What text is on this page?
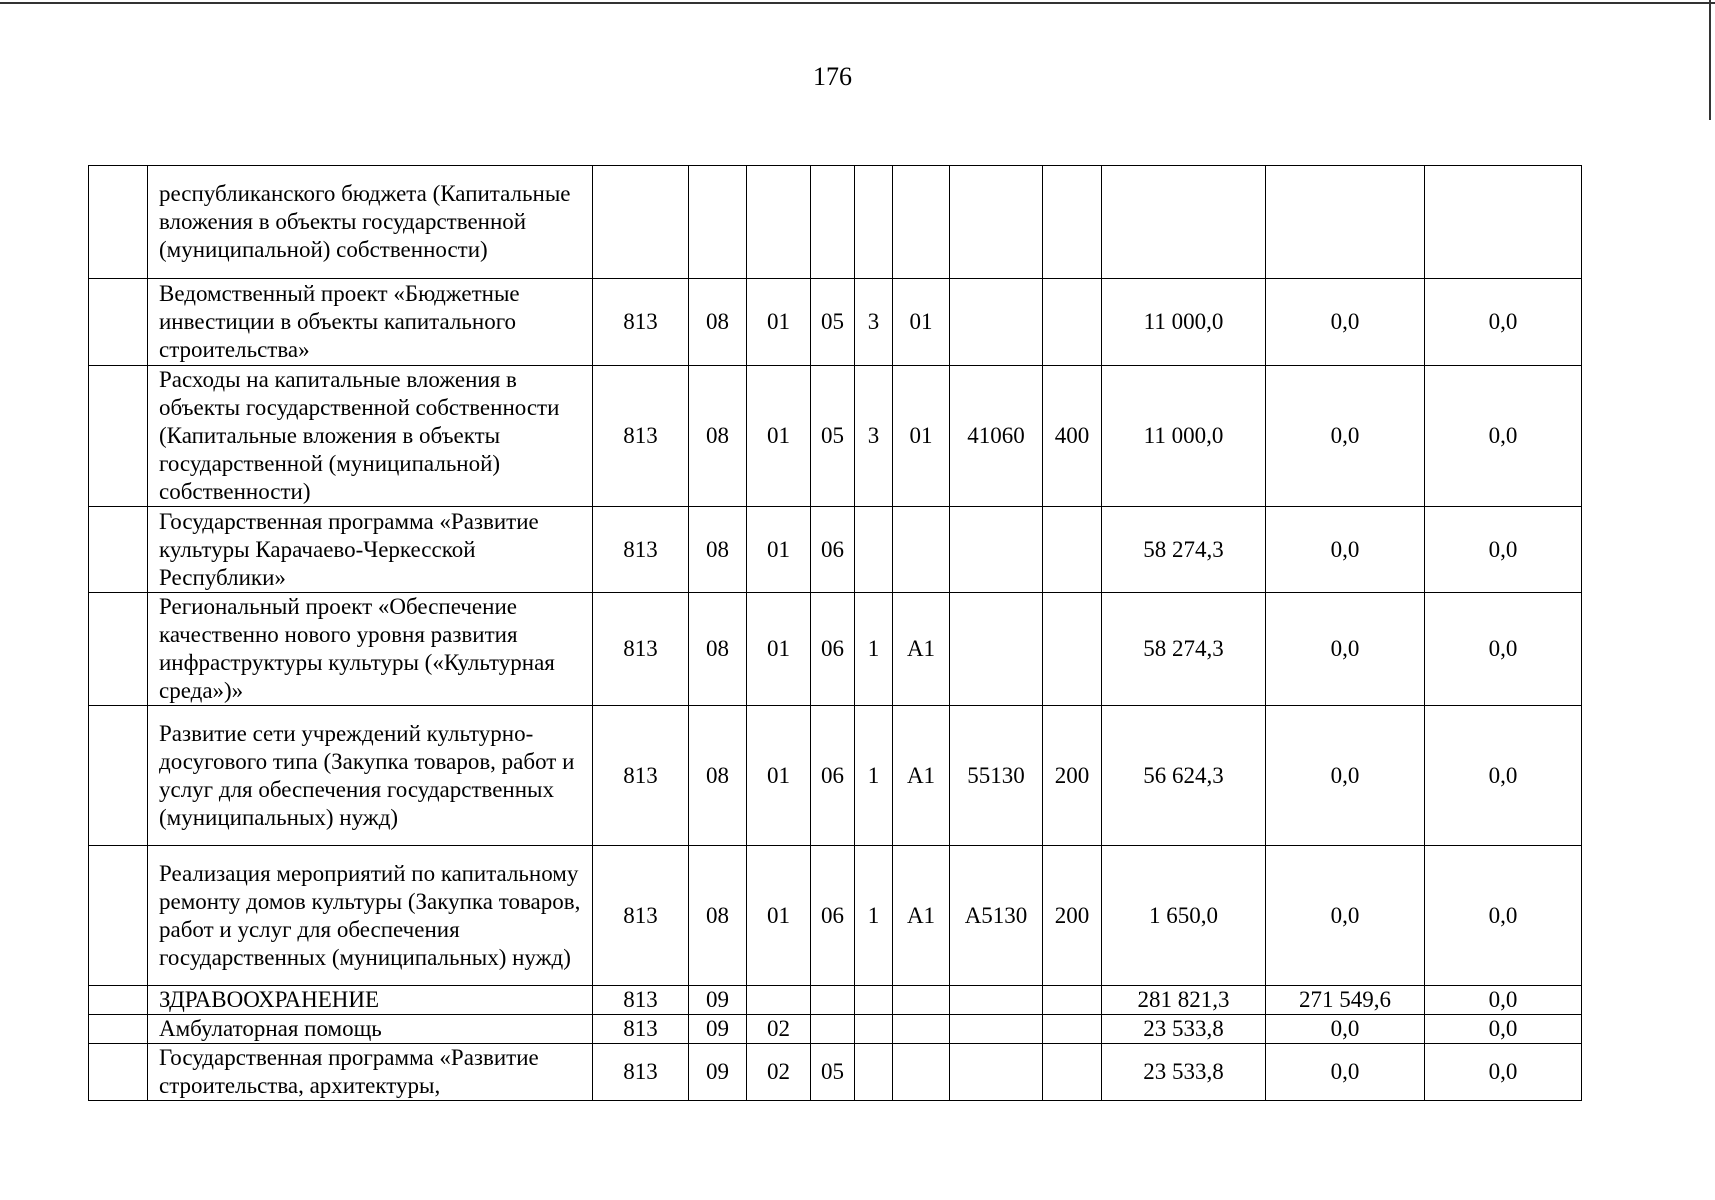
176
	республиканского бюджета (Капитальные вложения в объекты государственной (муниципальной) собственности)											
	Ведомственный проект «Бюджетные инвестиции в объекты капитального строительства»	813	08	01	05	3	01			11 000,0	0,0	0,0
	Расходы на капитальные вложения в объекты государственной собственности (Капитальные вложения в объекты государственной (муниципальной) собственности)	813	08	01	05	3	01	41060	400	11 000,0	0,0	0,0
	Государственная программа «Развитие культуры Карачаево-Черкесской Республики»	813	08	01	06					58 274,3	0,0	0,0
	Региональный проект «Обеспечение качественно нового уровня развития инфраструктуры культуры («Культурная среда»)»	813	08	01	06	1	A1			58 274,3	0,0	0,0
	Развитие сети учреждений культурно-досугового типа (Закупка товаров, работ и услуг для обеспечения государственных (муниципальных) нужд)	813	08	01	06	1	A1	55130	200	56 624,3	0,0	0,0
	Реализация мероприятий по капитальному ремонту домов культуры (Закупка товаров, работ и услуг для обеспечения государственных (муниципальных) нужд)	813	08	01	06	1	A1	A5130	200	1 650,0	0,0	0,0
	ЗДРАВООХРАНЕНИЕ	813	09							281 821,3	271 549,6	0,0
	Амбулаторная помощь	813	09	02						23 533,8	0,0	0,0
	Государственная программа «Развитие строительства, архитектуры,	813	09	02	05					23 533,8	0,0	0,0
